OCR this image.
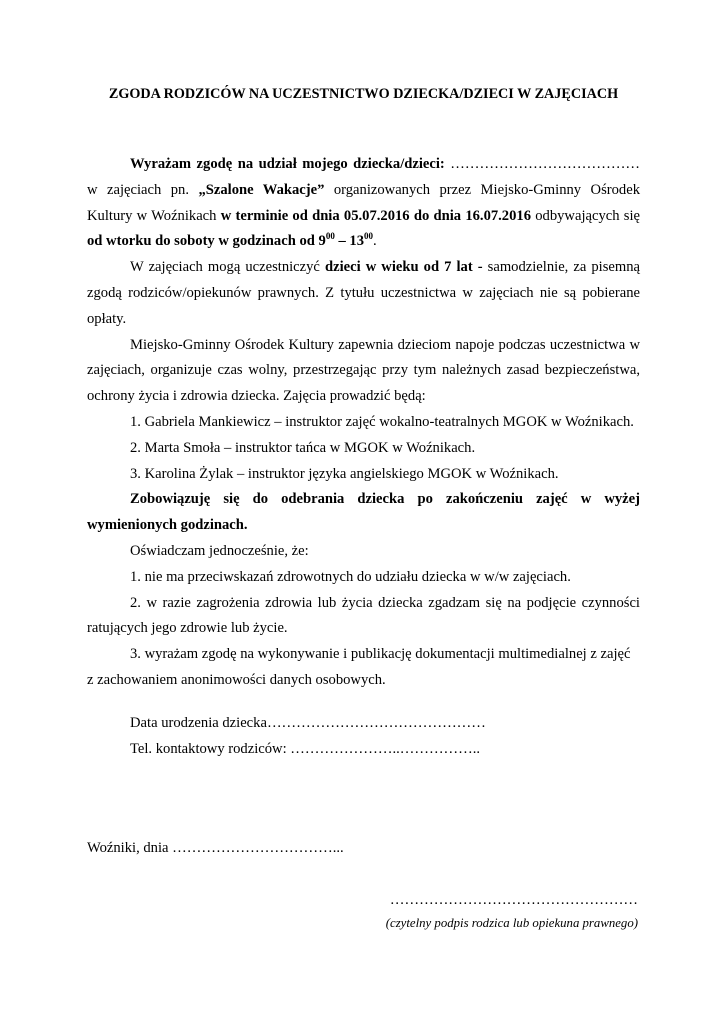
ZGODA RODZICÓW NA UCZESTNICTWO DZIECKA/DZIECI W ZAJĘCIACH

Wyrażam zgodę na udział mojego dziecka/dzieci: ………………………………… w zajęciach pn. „Szalone Wakacje” organizowanych przez Miejsko-Gminny Ośrodek Kultury w Woźnikach w terminie od dnia 05.07.2016 do dnia 16.07.2016 odbywających się od wtorku do soboty w godzinach od $9^{00} - 13^{00}$.

W zajęciach mogą uczestniczyć dzieci w wieku od 7 lat - samodzielnie, za pisemną zgodą rodziców/opiekunów prawnych. Z tytułu uczestnictwa w zajęciach nie są pobierane opłaty.

Miejsko-Gminny Ośrodek Kultury zapewnia dzieciom napoje podczas uczestnictwa w zajęciach, organizuje czas wolny, przestrzegając przy tym należnych zasad bezpieczeństwa, ochrony życia i zdrowia dziecka. Zajęcia prowadzić będą:

1. Gabriela Mankiewicz – instruktor zajęć wokalno-teatralnych MGOK w Woźnikach.

2. Marta Smoła – instruktor tańca w MGOK w Woźnikach.

3. Karolina Żylak – instruktor języka angielskiego MGOK w Woźnikach.

Zobowiązuję się do odebrania dziecka po zakończeniu zajęć w wyżej wymienionych godzinach.

Oświadczam jednocześnie, że:

1. nie ma przeciwskazań zdrowotnych do udziału dziecka w w/w zajęciach.

2. w razie zagrożenia zdrowia lub życia dziecka zgadzam się na podjęcie czynności ratujących jego zdrowie lub życie.

3. wyrażam zgodę na wykonywanie i publikację dokumentacji multimedialnej z zajęć

z zachowaniem anonimowości danych osobowych.

Data urodzenia dziecka………………………………………
Tel. kontaktowy rodziców: …………………..……………..
Woźniki, dnia ……………………………...
……………………………………………
(czytelny podpis rodzica lub opiekuna prawnego)
